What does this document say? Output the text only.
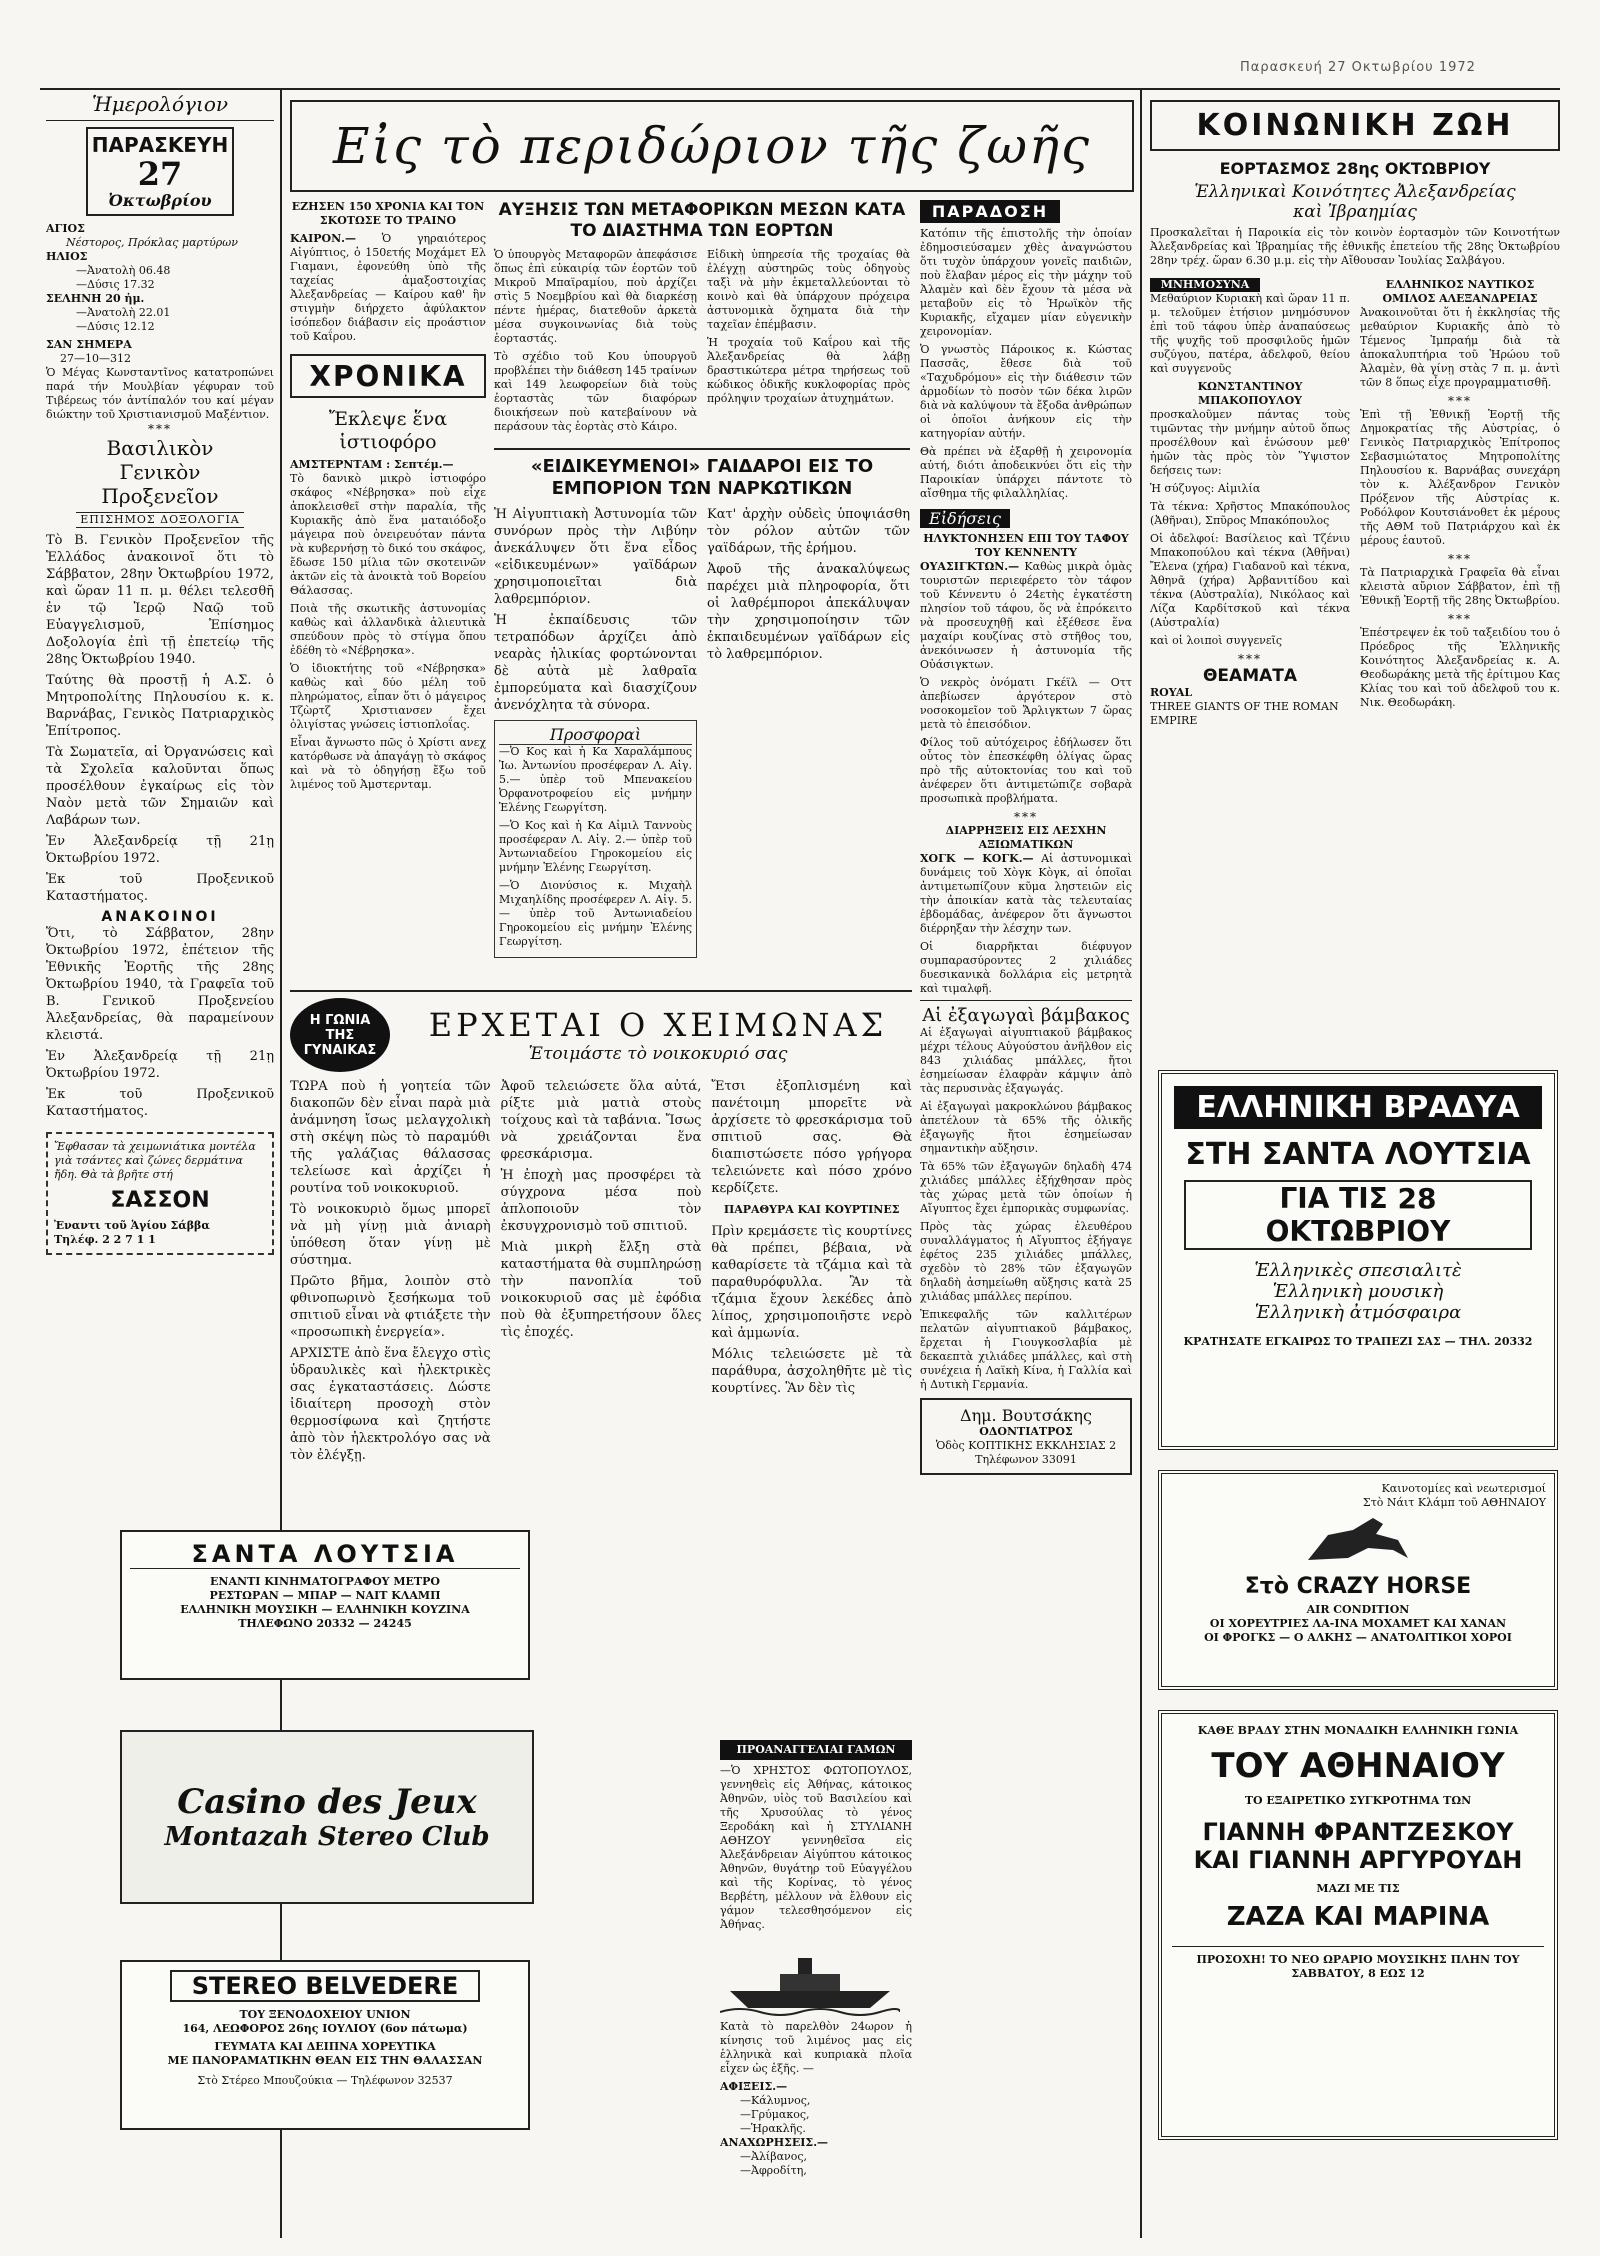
Παρασκευή 27 Οκτωβρίου 1972
Ἡμερολόγιον
ΠΑΡΑΣΚΕΥΗ
27
Ὀκτωβρίου
ΑΓΙΟΣ
Νέστορος, Πρόκλας μαρτύρων
ΗΛΙΟΣ
—Ἀνατολὴ 06.48
—Δύσις 17.32
ΣΕΛΗΝΗ 20 ἡμ.
—Ἀνατολὴ 22.01
—Δύσις 12.12
ΣΑΝ ΣΗΜΕΡΑ
27—10—312
Ὁ Μέγας Κωνσταντῖνος κατατροπώνει παρά τήν Μουλβίαν γέφυραν τοῦ Τιβέρεως τόν ἀντίπαλόν του καί μέγαν διώκτην τοῦ Χριστιανισμοῦ Μαξέντιον.
***
Βασιλικὸν
Γενικὸν
Προξενεῖον
ΕΠΙΣΗΜΟΣ ΔΟΞΟΛΟΓΙΑ

Τὸ Β. Γενικὸν Προξενεῖον τῆς Ἑλλάδος ἀνακοινοῖ ὅτι τὸ Σάββατον, 28ην Ὀκτωβρίου 1972, καὶ ὥραν 11 π. μ. θέλει τελεσθῆ ἐν τῷ Ἱερῷ Ναῷ τοῦ Εὐαγγελισμοῦ, Ἐπίσημος Δοξολογία ἐπὶ τῇ ἐπετείῳ τῆς 28ης Ὀκτωβρίου 1940.

Ταύτης θὰ προστῇ ἡ Α.Σ. ὁ Μητροπολίτης Πηλουσίου κ. κ. Βαρνάβας, Γενικὸς Πατριαρχικὸς Ἐπίτροπος.

Τὰ Σωματεῖα, αἱ Ὀργανώσεις καὶ τὰ Σχολεῖα καλοῦνται ὅπως προσέλθουν ἐγκαίρως εἰς τὸν Ναὸν μετὰ τῶν Σημαιῶν καὶ Λαβάρων των.

Ἐν Ἀλεξανδρείᾳ τῇ 21ῃ Ὀκτωβρίου 1972.

Ἐκ τοῦ Προξενικοῦ Καταστήματος.

ΑΝΑΚΟΙΝΟΙ

Ὅτι, τὸ Σάββατον, 28ην Ὀκτωβρίου 1972, ἐπέτειον τῆς Ἐθνικῆς Ἑορτῆς τῆς 28ης Ὀκτωβρίου 1940, τὰ Γραφεῖα τοῦ Β. Γενικοῦ Προξενείου Ἀλεξανδρείας, θὰ παραμείνουν κλειστά.

Ἐν Ἀλεξανδρείᾳ τῇ 21ῃ Ὀκτωβρίου 1972.

Ἐκ τοῦ Προξενικοῦ Καταστήματος.

Ἔφθασαν τὰ χειμωνιάτικα μοντέλα γιὰ τσάντες καὶ ζώνες δερμάτινα ἤδη. Θὰ τὰ βρῆτε στή
ΣΑΣΣΟΝ
Ἐναντι τοῦ Ἁγίου Σάββα
Τηλέφ. 2 2 7 1 1
Εἰς τὸ περιδώριον τῆς ζωῆς
ΕΖΗΣΕΝ 150 ΧΡΟΝΙΑ ΚΑΙ ΤΟΝ ΣΚΟΤΩΣΕ ΤΟ ΤΡΑΙΝΟ

ΚΑΙΡΟΝ.— Ὁ γηραιότερος Αἰγύπτιος, ὁ 150ετής Μοχάμετ Ελ Γιαμανι, ἐφονεύθη ὑπὸ τῆς ταχείας ἁμαξοστοιχίας Ἀλεξανδρείας — Καίρου καθ' ἣν στιγμὴν διήρχετο ἀφύλακτον ἰσόπεδον διάβασιν εἰς προάστιον τοῦ Καΐρου.

ΧΡΟΝΙΚΑ
Ἔκλεψε ἕνα ἱστιοφόρο
ΑΜΣΤΕΡΝΤΑΜ : Σεπτέμ.—

Τὸ δανικὸ μικρὸ ἱστιοφόρο σκάφος «Νέβρησκα» ποὺ εἶχε ἀποκλεισθεῖ στὴν παραλία, τῆς Κυριακῆς ἀπὸ ἕνα ματαιόδοξο μάγειρα ποὺ ὀνειρευόταν πάντα νὰ κυβερνήσῃ τὸ δικό του σκάφος, ἔδωσε 150 μίλια τῶν σκοτεινῶν ἀκτῶν εἰς τὰ ἀνοικτὰ τοῦ Βορείου Θάλασσας.

Ποιὰ τῆς σκωτικῆς ἀστυνομίας καθὼς καὶ ἀλλανδικὰ ἀλιευτικὰ σπεύδουν πρὸς τὸ στίγμα ὅπου ἐδέθη τὸ «Νέβρησκα».

Ὁ ἰδιοκτήτης τοῦ «Νέβρησκα» καθὼς καὶ δύο μέλη τοῦ πληρώματος, εἶπαν ὅτι ὁ μάγειρος Τζὼρτζ Χριστιανσεν ἔχει ὀλιγίστας γνώσεις ἱστιοπλοΐας.

Εἶναι ἄγνωστο πῶς ὁ Χρίστι ανεχ κατόρθωσε νὰ ἀπαγάγῃ τὸ σκάφος καὶ νὰ τὸ ὁδηγήσῃ ἔξω τοῦ λιμένος τοῦ Ἀμστερνταμ.

ΑΥΞΗΣΙΣ ΤΩΝ ΜΕΤΑΦΟΡΙΚΩΝ ΜΕΣΩΝ ΚΑΤΑ ΤΟ ΔΙΑΣΤΗΜΑ ΤΩΝ ΕΟΡΤΩΝ

Ὁ ὑπουργὸς Μεταφορῶν ἀπεφάσισε ὅπως ἐπὶ εὐκαιρίᾳ τῶν ἑορτῶν τοῦ Μικροῦ Μπαϊραμίου, ποὺ ἀρχίζει στὶς 5 Νοεμβρίου καὶ θὰ διαρκέσῃ πέντε ἡμέρας, διατεθοῦν ἀρκετὰ μέσα συγκοινωνίας διὰ τοὺς ἑορταστάς.

Τὸ σχέδιο τοῦ Κου ὑπουργοῦ προβλέπει τὴν διάθεση 145 τραίνων καὶ 149 λεωφορείων διὰ τοὺς ἑορταστὰς τῶν διαφόρων διοικήσεων ποὺ κατεβαίνουν νὰ περάσουν τὰς ἑορτὰς στὸ Κάιρο.

Εἰδικὴ ὑπηρεσία τῆς τροχαίας θὰ ἐλέγχῃ αὐστηρῶς τοὺς ὁδηγοὺς ταξὶ νὰ μὴν ἐκμεταλλεύονται τὸ κοινὸ καὶ θὰ ὑπάρχουν πρόχειρα ἀστυνομικὰ ὄχηματα διὰ τὴν ταχεῖαν ἐπέμβασιν.

Ἡ τροχαία τοῦ Καΐρου καὶ τῆς Ἀλεξανδρείας θὰ λάβῃ δραστικώτερα μέτρα τηρήσεως τοῦ κώδικος ὁδικῆς κυκλοφορίας πρὸς πρόληψιν τροχαίων ἀτυχημάτων.

«ΕΙΔΙΚΕΥΜΕΝΟΙ» ΓΑΙΔΑΡΟΙ ΕΙΣ ΤΟ ΕΜΠΟΡΙΟΝ ΤΩΝ ΝΑΡΚΩΤΙΚΩΝ

Ἡ Αἰγυπτιακὴ Ἀστυνομία τῶν συνόρων πρὸς τὴν Λιβύην ἀνεκάλυψεν ὅτι ἕνα εἶδος «εἰδικευμένων» γαϊδάρων χρησιμοποιεῖται διὰ λαθρεμπόριον.

Ἡ ἐκπαίδευσις τῶν τετραπόδων ἀρχίζει ἀπὸ νεαρὰς ἡλικίας φορτώνονται δὲ αὐτὰ μὲ λαθραῖα ἐμπορεύματα καὶ διασχίζουν ἀνενόχλητα τὰ σύνορα.

Προσφοραὶ

—Ὁ Κος καὶ ἡ Κα Χαραλάμπους Ἰω. Ἀντωνίου προσέφεραν Λ. Αἰγ. 5.— ὑπὲρ τοῦ Μπενακείου Ὀρφανοτροφείου εἰς μνήμην Ἑλένης Γεωργίτση.

—Ὁ Κος καὶ ἡ Κα Αἰμιλ Ταννοὺς προσέφεραν Λ. Αἰγ. 2.— ὑπὲρ τοῦ Ἀντωνιαδείου Γηροκομείου εἰς μνήμην Ἑλένης Γεωργίτση.

—Ὁ Διονύσιος κ. Μιχαὴλ Μιχαηλίδης προσέφερεν Λ. Αἰγ. 5.— ὑπὲρ τοῦ Ἀντωνιαδείου Γηροκομείου εἰς μνήμην Ἑλένης Γεωργίτση.

Κατ' ἀρχὴν οὐδεὶς ὑποψιάσθη τὸν ρόλον αὐτῶν τῶν γαϊδάρων, τῆς ἐρήμου.

Ἀφοῦ τῆς ἀνακαλύψεως παρέχει μιὰ πληροφορία, ὅτι οἱ λαθρέμποροι ἀπεκάλυψαν τὴν χρησιμοποίησιν τῶν ἐκπαιδευμένων γαϊδάρων εἰς τὸ λαθρεμπόριον.

ΠΑΡΑΔΟΣΗ

Κατόπιν τῆς ἐπιστολῆς τὴν ὁποίαν ἐδημοσιεύσαμεν χθὲς ἀναγνώστου ὅτι τυχὸν ὑπάρχουν γονεῖς παιδιῶν, ποὺ ἔλαβαν μέρος εἰς τὴν μάχην τοῦ Ἀλαμὲν καὶ δὲν ἔχουν τὰ μέσα νὰ μεταβοῦν εἰς τὸ Ἡρωϊκὸν τῆς Κυριακῆς, εἴχαμεν μίαν εὐγενικὴν χειρονομίαν.

Ὁ γνωστὸς Πάροικος κ. Κώστας Πασσᾶς, ἔθεσε διὰ τοῦ «Ταχυδρόμου» εἰς τὴν διάθεσιν τῶν ἁρμοδίων τὸ ποσὸν τῶν δέκα λιρῶν διὰ νὰ καλύψουν τὰ ἔξοδα ἀνθρώπων οἱ ὁποῖοι ἀνήκουν εἰς τὴν κατηγορίαν αὐτήν.

Θὰ πρέπει νὰ ἐξαρθῇ ἡ χειρονομία αὐτή, διότι ἀποδεικνύει ὅτι εἰς τὴν Παροικίαν ὑπάρχει πάντοτε τὸ αἴσθημα τῆς φιλαλληλίας.

Εἰδήσεις
ΗΛΥΚΤΟΝΗΣΕΝ ΕΠΙ ΤΟΥ ΤΑΦΟΥ ΤΟΥ ΚΕΝΝΕΝΤΥ

ΟΥΑΣΙΓΚΤΩΝ.— Καθὼς μικρὰ ὁμὰς τουριστῶν περιεφέρετο τὸν τάφον τοῦ Κέννεντυ ὁ 24ετὴς ἐγκατέστη πλησίον τοῦ τάφου, ὅς νὰ ἐπρόκειτο νὰ προσευχηθῇ καὶ ἐξέθεσε ἕνα μαχαίρι κουζίνας στὸ στῆθος του, ἀνεκόινωσεν ἡ ἀστυνομία τῆς Οὐάσιγκτων.

Ὁ νεκρὸς ὀνόματι Γκέϊλ — Οττ ἀπεβίωσεν ἀργότερον στὸ νοσοκομεῖον τοῦ Ἄρλιγκτων 7 ὥρας μετὰ τὸ ἐπεισόδιον.

Φίλος τοῦ αὐτόχειρος ἐδήλωσεν ὅτι οὗτος τὸν ἐπεσκέφθη ὀλίγας ὥρας πρὸ τῆς αὐτοκτονίας του καὶ τοῦ ἀνέφερεν ὅτι ἀντιμετώπιζε σοβαρὰ προσωπικὰ προβλήματα.

***
ΔΙΑΡΡΗΞΕΙΣ ΕΙΣ ΛΕΣΧΗΝ ΑΞΙΩΜΑΤΙΚΩΝ

ΧΟΓΚ — ΚΟΓΚ.— Αἱ ἀστυνομικαὶ δυνάμεις τοῦ Χὸγκ Κὸγκ, αἱ ὁποῖαι ἀντιμετωπίζουν κῦμα ληστειῶν εἰς τὴν ἀποικίαν κατὰ τὰς τελευταίας ἑβδομάδας, ἀνέφερον ὅτι ἄγνωστοι διέρρηξαν τὴν λέσχην των.

Οἱ διαρρῆκται διέφυγον συμπαρασύροντες 2 χιλιάδες δυεσικανικὰ δολλάρια εἰς μετρητὰ καὶ τιμαλφῆ.

Αἱ ἐξαγωγαὶ βάμβακος

Αἱ ἐξαγωγαὶ αἰγυπτιακοῦ βάμβακος μέχρι τέλους Αὐγούστου ἀνῆλθον εἰς 843 χιλιάδας μπάλλες, ἤτοι ἐσημείωσαν ἐλαφρὰν κάμψιν ἀπὸ τὰς περυσινὰς ἐξαγωγάς.

Αἱ ἐξαγωγαὶ μακροκλώνου βάμβακος ἀπετέλουν τὰ 65% τῆς ὁλικῆς ἐξαγωγῆς ἤτοι ἐσημείωσαν σημαντικὴν αὔξησιν.

Τὰ 65% τῶν ἐξαγωγῶν δηλαδὴ 474 χιλιάδες μπάλλες ἐξήχθησαν πρὸς τὰς χώρας μετὰ τῶν ὁποίων ἡ Αἴγυπτος ἔχει ἐμπορικὰς συμφωνίας.

Πρὸς τὰς χώρας ἐλευθέρου συναλλάγματος ἡ Αἴγυπτος ἐξήγαγε ἐφέτος 235 χιλιάδες μπάλλες, σχεδὸν τὸ 28% τῶν ἐξαγωγῶν δηλαδὴ ἀσημείωθη αὔξησις κατὰ 25 χιλιάδας μπάλλες περίπου.

Ἐπικεφαλῆς τῶν καλλιτέρων πελατῶν αἰγυπτιακοῦ βάμβακος, ἔρχεται ἡ Γιουγκοσλαβία μὲ δεκαεπτὰ χιλιάδες μπάλλες, καὶ στὴ συνέχεια ἡ Λαϊκὴ Κίνα, ἡ Γαλλία καὶ ἡ Δυτικὴ Γερμανία.

Δημ. Βουτσάκης
ΟΔΟΝΤΙΑΤΡΟΣ
Ὁδὸς ΚΟΠΤΙΚΗΣ ΕΚΚΛΗΣΙΑΣ 2
Τηλέφωνον 33091
Η ΓΩΝΙΑ ΤΗΣ ΓΥΝΑΙΚΑΣ
ΕΡΧΕΤΑΙ Ο ΧΕΙΜΩΝΑΣ
Ἑτοιμάστε τὸ νοικοκυριό σας

ΤΩΡΑ ποὺ ἡ γοητεία τῶν διακοπῶν δὲν εἶναι παρὰ μιὰ ἀνάμνηση ἴσως μελαγχολικὴ στὴ σκέψη πὼς τὸ παραμύθι τῆς γαλάζιας θάλασσας τελείωσε καὶ ἀρχίζει ἡ ρουτίνα τοῦ νοικοκυριοῦ.

Τὸ νοικοκυριὸ ὅμως μπορεῖ νὰ μὴ γίνῃ μιὰ ἀνιαρὴ ὑπόθεση ὅταν γίνῃ μὲ σύστημα.

Πρῶτο βῆμα, λοιπὸν στὸ φθινοπωρινὸ ξεσήκωμα τοῦ σπιτιοῦ εἶναι νὰ φτιάξετε τὴν «προσωπικὴ ἐνεργεία».

ΑΡΧΙΣΤΕ ἀπὸ ἕνα ἔλεγχο στὶς ὑδραυλικὲς καὶ ἠλεκτρικὲς σας ἐγκαταστάσεις. Δώστε ἰδιαίτερη προσοχὴ στὸν θερμοσίφωνα καὶ ζητήστε ἀπὸ τὸν ἠλεκτρολόγο σας νὰ τὸν ἐλέγξῃ.

Ἀφοῦ τελειώσετε ὅλα αὐτά, ρίξτε μιὰ ματιὰ στοὺς τοίχους καὶ τὰ ταβάνια. Ἴσως νὰ χρειάζονται ἕνα φρεσκάρισμα.

Ἡ ἐποχὴ μας προσφέρει τὰ σύγχρονα μέσα ποὺ ἀπλοποιοῦν τὸν ἐκσυγχρονισμὸ τοῦ σπιτιοῦ.

Μιὰ μικρὴ ἔλξη στὰ καταστήματα θὰ συμπληρώσῃ τὴν πανοπλία τοῦ νοικοκυριοῦ σας μὲ ἐφόδια ποὺ θὰ ἐξυπηρετήσουν ὅλες τὶς ἐποχές.

Ἔτσι ἐξοπλισμένη καὶ πανέτοιμη μπορεῖτε νὰ ἀρχίσετε τὸ φρεσκάρισμα τοῦ σπιτιοῦ σας. Θὰ διαπιστώσετε πόσο γρήγορα τελειώνετε καὶ πόσο χρόνο κερδίζετε.

ΠΑΡΑΘΥΡΑ ΚΑΙ ΚΟΥΡΤΙΝΕΣ

Πρὶν κρεμάσετε τὶς κουρτίνες θὰ πρέπει, βέβαια, νὰ καθαρίσετε τὰ τζάμια καὶ τὰ παραθυρόφυλλα. Ἂν τὰ τζάμια ἔχουν λεκέδες ἀπὸ λίπος, χρησιμοποιῆστε νερὸ καὶ ἀμμωνία.

Μόλις τελειώσετε μὲ τὰ παράθυρα, ἀσχοληθῆτε μὲ τὶς κουρτίνες. Ἂν δὲν τὶς

ΠΡΟΑΝΑΓΓΕΛΙΑΙ ΓΑΜΩΝ

—Ὁ ΧΡΗΣΤΟΣ ΦΩΤΟΠΟΥΛΟΣ, γεννηθεὶς εἰς Ἀθήνας, κάτοικος Ἀθηνῶν, υἱὸς τοῦ Βασιλείου καὶ τῆς Χρυσούλας τὸ γένος Ξεροδάκη καὶ ἡ ΣΤΥΛΙΑΝΗ ΑΘΗΖΟΥ γεννηθεῖσα εἰς Ἀλεξάνδρειαν Αἰγύπτου κάτοικος Ἀθηνῶν, θυγάτηρ τοῦ Εὐαγγέλου καὶ τῆς Κορίνας, τὸ γένος Βερβέτη, μέλλουν νὰ ἔλθουν εἰς γάμον τελεσθησόμενον εἰς Ἀθήνας.

Κατὰ τὸ παρελθὸν 24ωρον ἡ κίνησις τοῦ λιμένος μας εἰς ἑλληνικὰ καὶ κυπριακὰ πλοῖα εἶχεν ὡς ἑξῆς. —

ΑΦΙΞΕΙΣ.—
—Κάλυμνος,
—Γρύμακος,
—Ἡρακλῆς.
ΑΝΑΧΩΡΗΣΕΙΣ.—
—Ἀλίβανος,
—Ἀφροδίτη,
ΣΑΝΤΑ ΛΟΥΤΣΙΑ
ΕΝΑΝΤΙ ΚΙΝΗΜΑΤΟΓΡΑΦΟΥ ΜΕΤΡΟ
ΡΕΣΤΩΡΑΝ — ΜΠΑΡ — ΝΑΙΤ ΚΛΑΜΠ
ΕΛΛΗΝΙΚΗ ΜΟΥΣΙΚΗ — ΕΛΛΗΝΙΚΗ ΚΟΥΖΙΝΑ
ΤΗΛΕΦΩΝΟ 20332 — 24245
Casino des Jeux
Montazah Stereo Club
STEREO BELVEDERE
ΤΟΥ ΞΕΝΟΔΟΧΕΙΟΥ UNION
164, ΛΕΩΦΟΡΟΣ 26ης ΙΟΥΛΙΟΥ (6ον πάτωμα)
ΓΕΥΜΑΤΑ ΚΑΙ ΔΕΙΠΝΑ ΧΟΡΕΥΤΙΚΑ
ΜΕ ΠΑΝΟΡΑΜΑΤΙΚΗΝ ΘΕΑΝ ΕΙΣ ΤΗΝ ΘΑΛΑΣΣΑΝ
Στὸ Στέρεο Μπουζούκια — Τηλέφωνον 32537
ΚΟΙΝΩΝΙΚΗ ΖΩΗ
ΕΟΡΤΑΣΜΟΣ 28ης ΟΚΤΩΒΡΙΟΥ
Ἑλληνικαὶ Κοινότητες Ἀλεξανδρείας καὶ Ἰβραημίας

Προσκαλεῖται ἡ Παροικία εἰς τὸν κοινὸν ἑορτασμὸν τῶν Κοινοτήτων Ἀλεξανδρείας καὶ Ἰβραημίας τῆς ἐθνικῆς ἐπετείου τῆς 28ης Ὀκτωβρίου 28ην τρέχ. ὥραν 6.30 μ.μ. εἰς τὴν Αἴθουσαν Ἰουλίας Σαλβάγου.

ΜΝΗΜΟΣΥΝΑ

Μεθαύριον Κυριακὴ καὶ ὥραν 11 π. μ. τελοῦμεν ἐτήσιον μνημόσυνον ἐπὶ τοῦ τάφου ὑπὲρ ἀναπαύσεως τῆς ψυχῆς τοῦ προσφιλοῦς ἡμῶν συζύγου, πατέρα, ἀδελφοῦ, θείου καὶ συγγενοῦς

ΚΩΝΣΤΑΝΤΙΝΟΥ ΜΠΑΚΟΠΟΥΛΟΥ

προσκαλοῦμεν πάντας τοὺς τιμῶντας τὴν μνήμην αὐτοῦ ὅπως προσέλθουν καὶ ἑνώσουν μεθ' ἡμῶν τὰς πρὸς τὸν Ὕψιστον δεήσεις των:

Ἡ σύζυγος: Αἰμιλία

Τὰ τέκνα: Χρῆστος Μπακόπουλος (Ἀθῆναι), Σπῦρος Μπακόπουλος

Οἱ ἀδελφοί: Βασίλειος καὶ Τζένιυ Μπακοπούλου καὶ τέκνα (Ἀθῆναι) Ἔλενα (χήρα) Γιαδανοῦ καὶ τέκνα, Ἀθηνᾶ (χήρα) Ἀρβανιτίδου καὶ τέκνα (Αὐστραλία), Νικόλαος καὶ Λίζα Καρδίτσκοῦ καὶ τέκνα (Αὐστραλία)

καὶ οἱ λοιποὶ συγγενεῖς

***
ΘΕΑΜΑΤΑ
ROYAL
THREE GIANTS OF THE ROMAN EMPIRE
ΕΛΛΗΝΙΚΟΣ ΝΑΥΤΙΚΟΣ ΟΜΙΛΟΣ ΑΛΕΞΑΝΔΡΕΙΑΣ

Ἀνακοινοῦται ὅτι ἡ ἐκκλησίας τῆς μεθαύριον Κυριακῆς ἀπὸ τὸ Τέμενος Ἰμπραήμ διὰ τὰ ἀποκαλυπτήρια τοῦ Ἡρώου τοῦ Ἀλαμὲν, θὰ γίνῃ στὰς 7 π. μ. ἀντὶ τῶν 8 ὅπως εἶχε προγραμματισθῆ.

***

Ἐπὶ τῇ Ἐθνικῇ Ἑορτῇ τῆς Δημοκρατίας τῆς Αὐστρίας, ὁ Γενικὸς Πατριαρχικὸς Ἐπίτροπος Σεβασμιώτατος Μητροπολίτης Πηλουσίου κ. Βαρνάβας συνεχάρη τὸν κ. Ἀλέξανδρον Γενικὸν Πρόξενον τῆς Αὐστρίας κ. Ροδόλφον Κουτσιάνοθετ ἐκ μέρους τῆς ΑΘΜ τοῦ Πατριάρχου καὶ ἐκ μέρους ἑαυτοῦ.

***

Τὰ Πατριαρχικὰ Γραφεῖα θὰ εἶναι κλειστὰ αὔριον Σάββατον, ἐπὶ τῇ Ἐθνικῇ Ἑορτῇ τῆς 28ης Ὀκτωβρίου.

***

Ἐπέστρεψεν ἐκ τοῦ ταξειδίου του ὁ Πρόεδρος τῆς Ἑλληνικῆς Κοινότητος Ἀλεξανδρείας κ. Α. Θεοδωράκης μετὰ τῆς ἐρίτιμου Κας Κλίας του καὶ τοῦ ἀδελφοῦ του κ. Νικ. Θεοδωράκη.

ΕΛΛΗΝΙΚΗ ΒΡΑΔΥΑ
ΣΤΗ ΣΑΝΤΑ ΛΟΥΤΣΙΑ
ΓΙΑ ΤΙΣ 28 ΟΚΤΩΒΡΙΟΥ
Ἑλληνικὲς σπεσιαλιτὲ
Ἑλληνικὴ μουσικὴ
Ἑλληνικὴ ἀτμόσφαιρα
ΚΡΑΤΗΣΑΤΕ ΕΓΚΑΙΡΩΣ ΤΟ ΤΡΑΠΕΖΙ ΣΑΣ — ΤΗΛ. 20332
Καινοτομίες καὶ νεωτερισμοί
Στὸ Νάιτ Κλάμπ τοῦ ΑΘΗΝΑΙΟΥ
Στὸ CRAZY HORSE
AIR CONDITION
ΟΙ ΧΟΡΕΥΤΡΙΕΣ ΛΑ-ΙΝΑ ΜΟΧΑΜΕΤ ΚΑΙ ΧΑΝΑΝ
ΟΙ ΦΡΟΓΚΣ — Ο ΑΛΚΗΣ — ΑΝΑΤΟΛΙΤΙΚΟΙ ΧΟΡΟΙ
ΚΑΘΕ ΒΡΑΔΥ ΣΤΗΝ ΜΟΝΑΔΙΚΗ ΕΛΛΗΝΙΚΗ ΓΩΝΙΑ
ΤΟΥ ΑΘΗΝΑΙΟΥ
ΤΟ ΕΞΑΙΡΕΤΙΚΟ ΣΥΓΚΡΟΤΗΜΑ ΤΩΝ
ΓΙΑΝΝΗ ΦΡΑΝΤΖΕΣΚΟΥ
ΚΑΙ ΓΙΑΝΝΗ ΑΡΓΥΡΟΥΔΗ
ΜΑΖΙ ΜΕ ΤΙΣ
ΖΑΖΑ ΚΑΙ ΜΑΡΙΝΑ
ΠΡΟΣΟΧΗ! ΤΟ ΝΕΟ ΩΡΑΡΙΟ ΜΟΥΣΙΚΗΣ ΠΛΗΝ ΤΟΥ ΣΑΒΒΑΤΟΥ, 8 ΕΩΣ 12
